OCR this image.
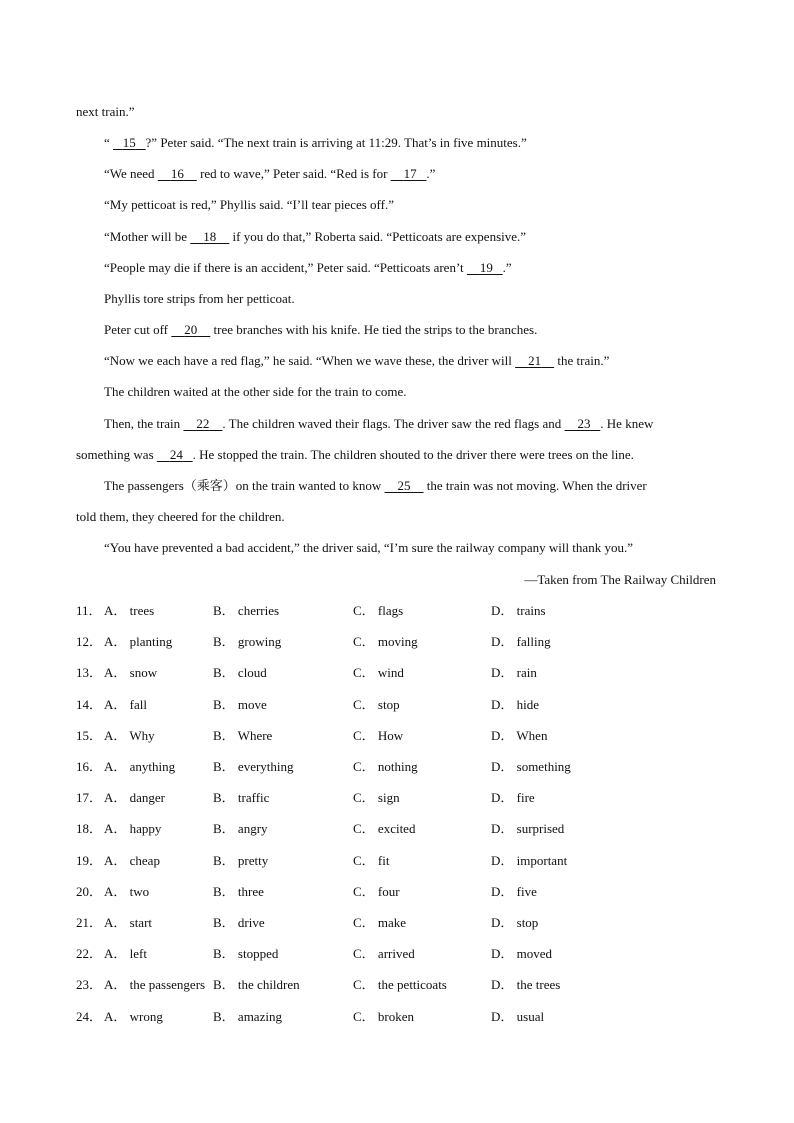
next train.”
“ 15 ?” Peter said. “The next train is arriving at 11:29. That’s in five minutes.”
“We need 16 red to wave,” Peter said. “Red is for 17 .”
“My petticoat is red,” Phyllis said. “I’ll tear pieces off.”
“Mother will be 18 if you do that,” Roberta said. “Petticoats are expensive.”
“People may die if there is an accident,” Peter said. “Petticoats aren’t 19 .”
Phyllis tore strips from her petticoat.
Peter cut off 20 tree branches with his knife. He tied the strips to the branches.
“Now we each have a red flag,” he said. “When we wave these, the driver will 21 the train.”
The children waited at the other side for the train to come.
Then, the train 22 . The children waved their flags. The driver saw the red flags and 23 . He knew
something was 24 . He stopped the train. The children shouted to the driver there were trees on the line.
The passengers（乘客）on the train wanted to know 25 the train was not moving. When the driver
told them, they cheered for the children.
“You have prevented a bad accident,” the driver said, “I’m sure the railway company will thank you.”
—Taken from The Railway Children
11． A． trees	B． cherries	C． flags	D． trains
12． A． planting	B． growing	C． moving	D． falling
13． A． snow	B． cloud	C． wind	D． rain
14． A． fall	B． move	C． stop	D． hide
15． A． Why	B． Where	C． How	D． When
16． A． anything	B． everything	C． nothing	D． something
17． A． danger	B． traffic	C． sign	D． fire
18． A． happy	B． angry	C． excited	D． surprised
19． A． cheap	B． pretty	C． fit	D． important
20． A． two	B． three	C． four	D． five
21． A． start	B． drive	C． make	D． stop
22． A． left	B． stopped	C． arrived	D． moved
23． A． the passengers B． the children	C． the petticoats	D． the trees
24． A． wrong	B． amazing	C． broken	D． usual
